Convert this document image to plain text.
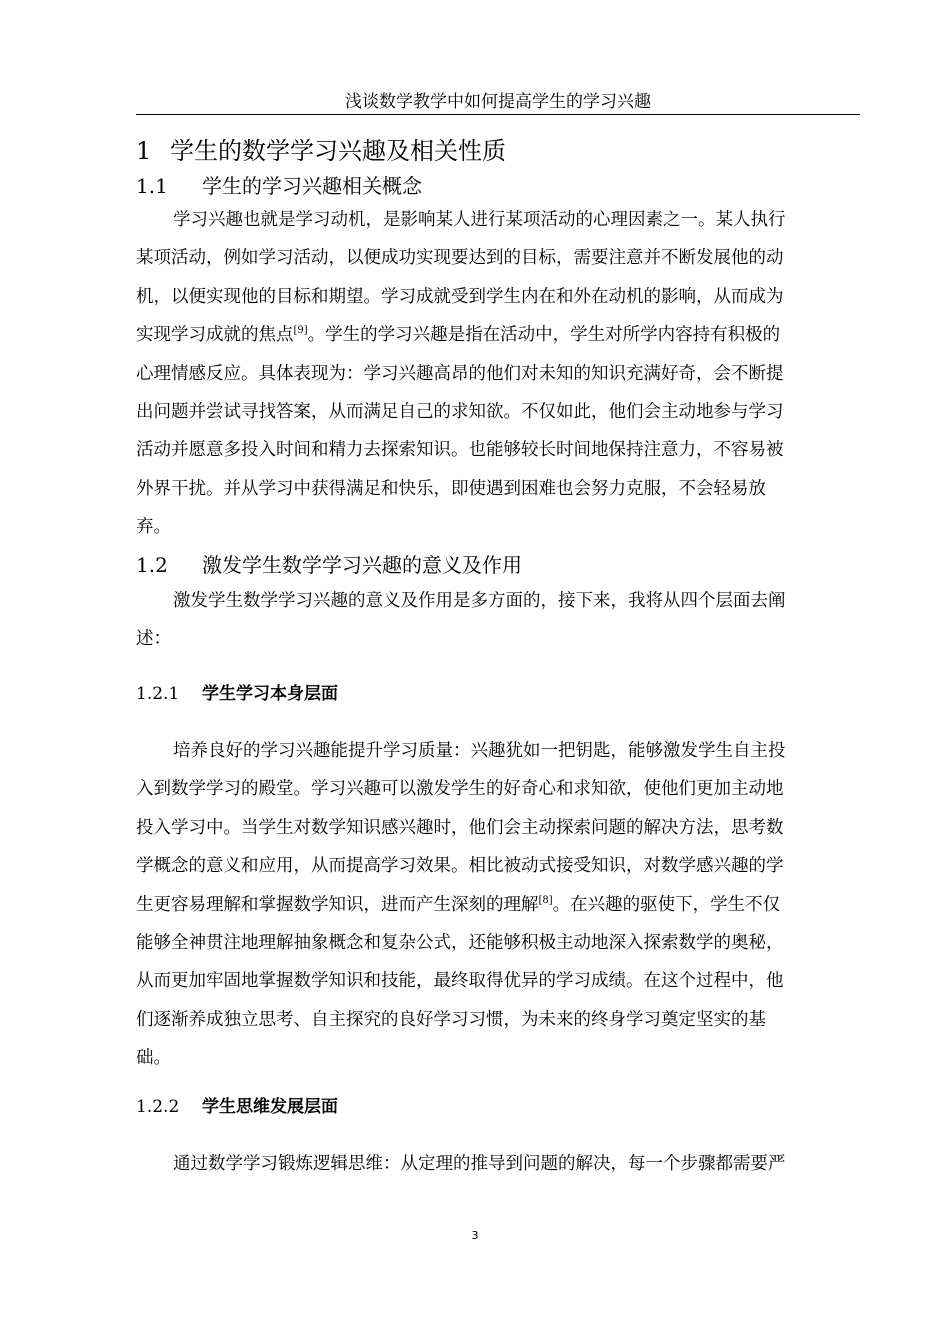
浅谈数学教学中如何提高学生的学习兴趣
1 学生的数学学习兴趣及相关性质
1.1 学生的学习兴趣相关概念
学习兴趣也就是学习动机，是影响某人进行某项活动的心理因素之一。某人执行
某项活动，例如学习活动，以便成功实现要达到的目标，需要注意并不断发展他的动
机，以便实现他的目标和期望。学习成就受到学生内在和外在动机的影响，从而成为
实现学习成就的焦点[9]。学生的学习兴趣是指在活动中，学生对所学内容持有积极的
心理情感反应。具体表现为：学习兴趣高昂的他们对未知的知识充满好奇，会不断提
出问题并尝试寻找答案，从而满足自己的求知欲。不仅如此，他们会主动地参与学习
活动并愿意多投入时间和精力去探索知识。也能够较长时间地保持注意力，不容易被
外界干扰。并从学习中获得满足和快乐，即使遇到困难也会努力克服，不会轻易放
弃。
1.2 激发学生数学学习兴趣的意义及作用
激发学生数学学习兴趣的意义及作用是多方面的，接下来，我将从四个层面去阐
述：
1.2.1 学生学习本身层面
培养良好的学习兴趣能提升学习质量：兴趣犹如一把钥匙，能够激发学生自主投
入到数学学习的殿堂。学习兴趣可以激发学生的好奇心和求知欲，使他们更加主动地
投入学习中。当学生对数学知识感兴趣时，他们会主动探索问题的解决方法，思考数
学概念的意义和应用，从而提高学习效果。相比被动式接受知识，对数学感兴趣的学
生更容易理解和掌握数学知识，进而产生深刻的理解[8]。在兴趣的驱使下，学生不仅
能够全神贯注地理解抽象概念和复杂公式，还能够积极主动地深入探索数学的奥秘，
从而更加牢固地掌握数学知识和技能，最终取得优异的学习成绩。在这个过程中，他
们逐渐养成独立思考、自主探究的良好学习习惯，为未来的终身学习奠定坚实的基
础。
1.2.2 学生思维发展层面
通过数学学习锻炼逻辑思维：从定理的推导到问题的解决，每一个步骤都需要严
3
